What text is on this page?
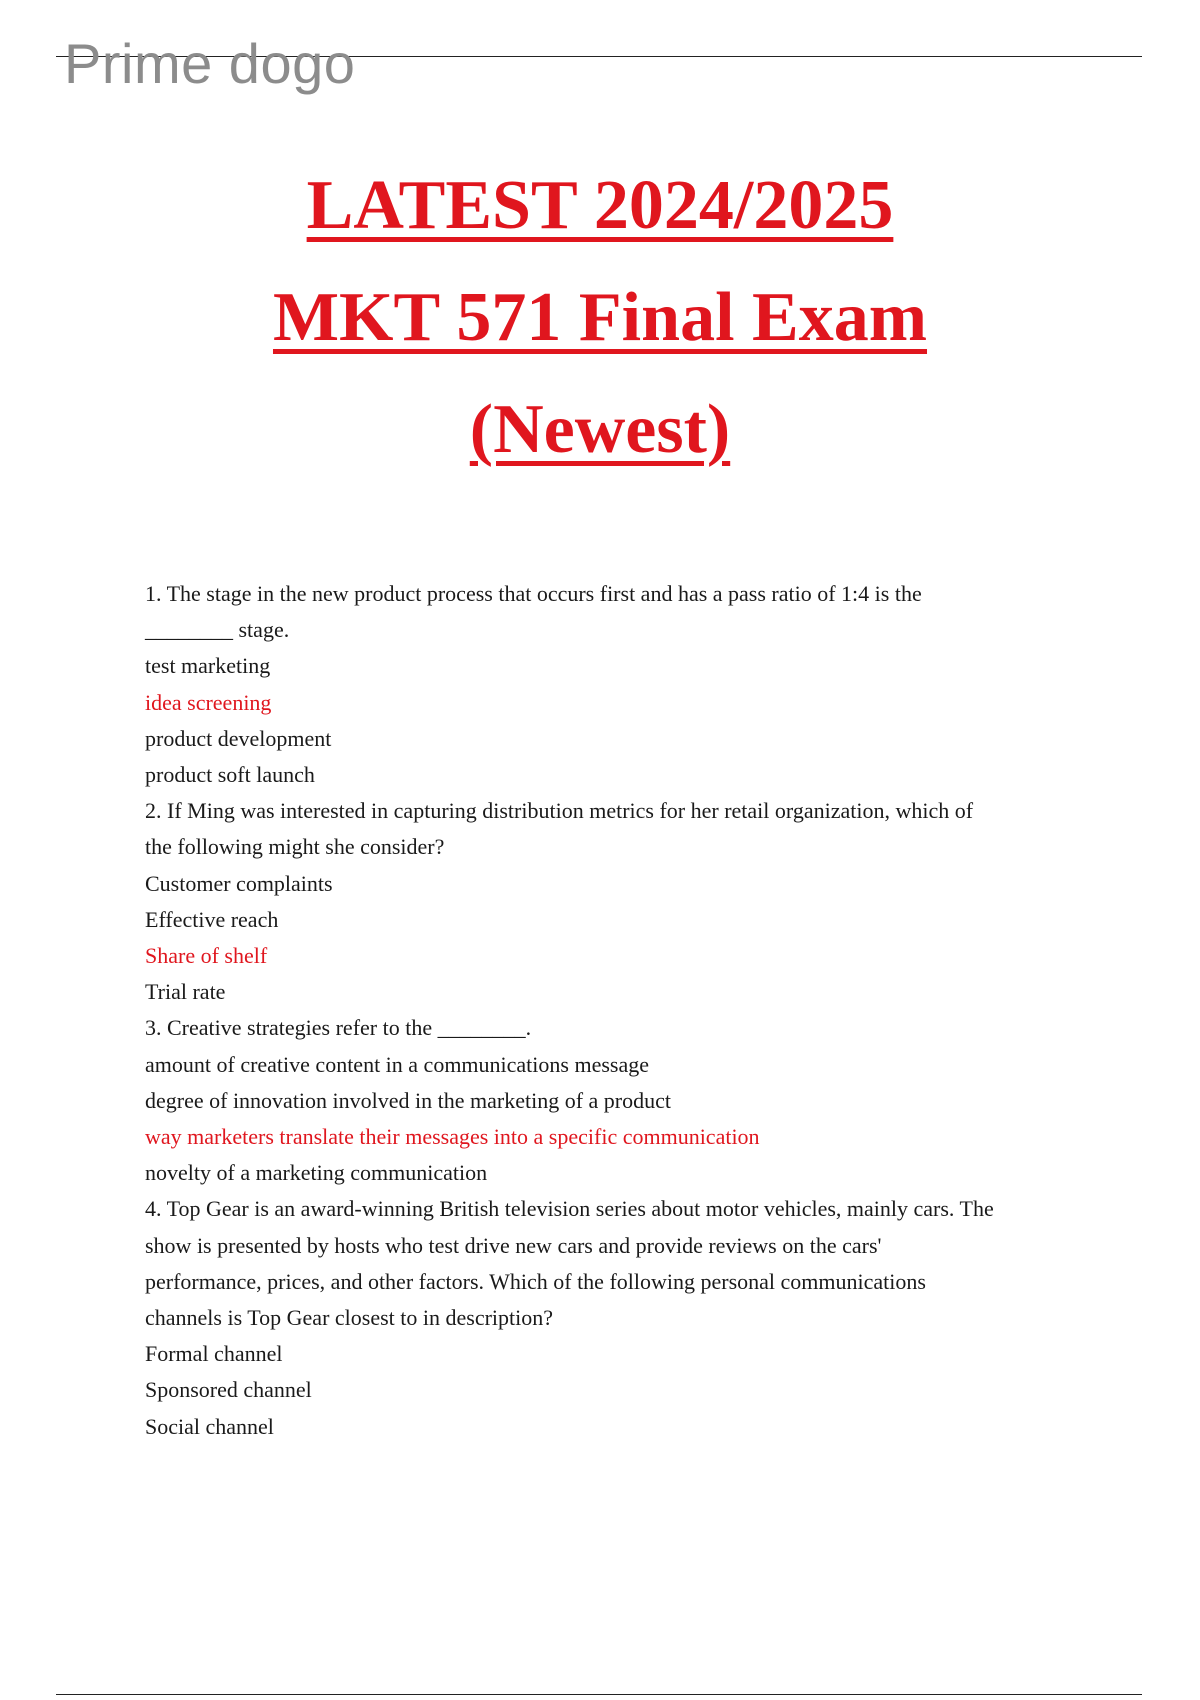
Prime dogo
LATEST 2024/2025
MKT 571 Final Exam
(Newest)
1. The stage in the new product process that occurs first and has a pass ratio of 1:4 is the
________ stage.
test marketing
idea screening
product development
product soft launch
2. If Ming was interested in capturing distribution metrics for her retail organization, which of
the following might she consider?
Customer complaints
Effective reach
Share of shelf
Trial rate
3. Creative strategies refer to the ________.
amount of creative content in a communications message
degree of innovation involved in the marketing of a product
way marketers translate their messages into a specific communication
novelty of a marketing communication
4. Top Gear is an award-winning British television series about motor vehicles, mainly cars. The
show is presented by hosts who test drive new cars and provide reviews on the cars'
performance, prices, and other factors. Which of the following personal communications
channels is Top Gear closest to in description?
Formal channel
Sponsored channel
Social channel
